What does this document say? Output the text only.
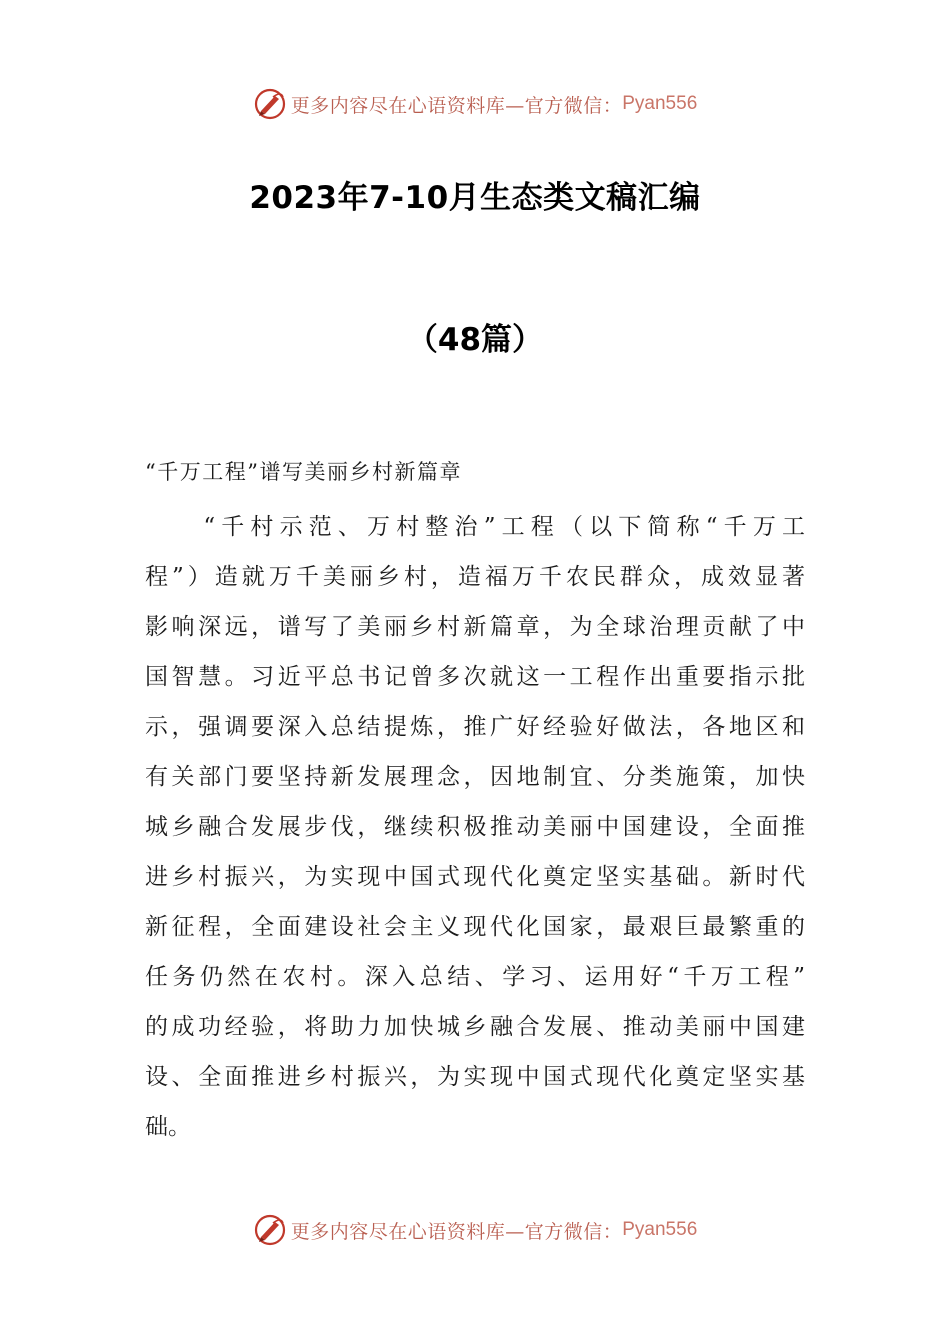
更多内容尽在心语资料库—官方微信： Pyan556
2023年7-10月生态类文稿汇编
（48篇）
“千万工程”谱写美丽乡村新篇章
　　“千村示范、万村整治”工程（以下简称“千万工
程”）造就万千美丽乡村，造福万千农民群众，成效显著
影响深远，谱写了美丽乡村新篇章，为全球治理贡献了中
国智慧。习近平总书记曾多次就这一工程作出重要指示批
示，强调要深入总结提炼，推广好经验好做法，各地区和
有关部门要坚持新发展理念，因地制宜、分类施策，加快
城乡融合发展步伐，继续积极推动美丽中国建设，全面推
进乡村振兴，为实现中国式现代化奠定坚实基础。新时代
新征程，全面建设社会主义现代化国家，最艰巨最繁重的
任务仍然在农村。深入总结、学习、运用好“千万工程”
的成功经验，将助力加快城乡融合发展、推动美丽中国建
设、全面推进乡村振兴，为实现中国式现代化奠定坚实基
础。
更多内容尽在心语资料库—官方微信： Pyan556
